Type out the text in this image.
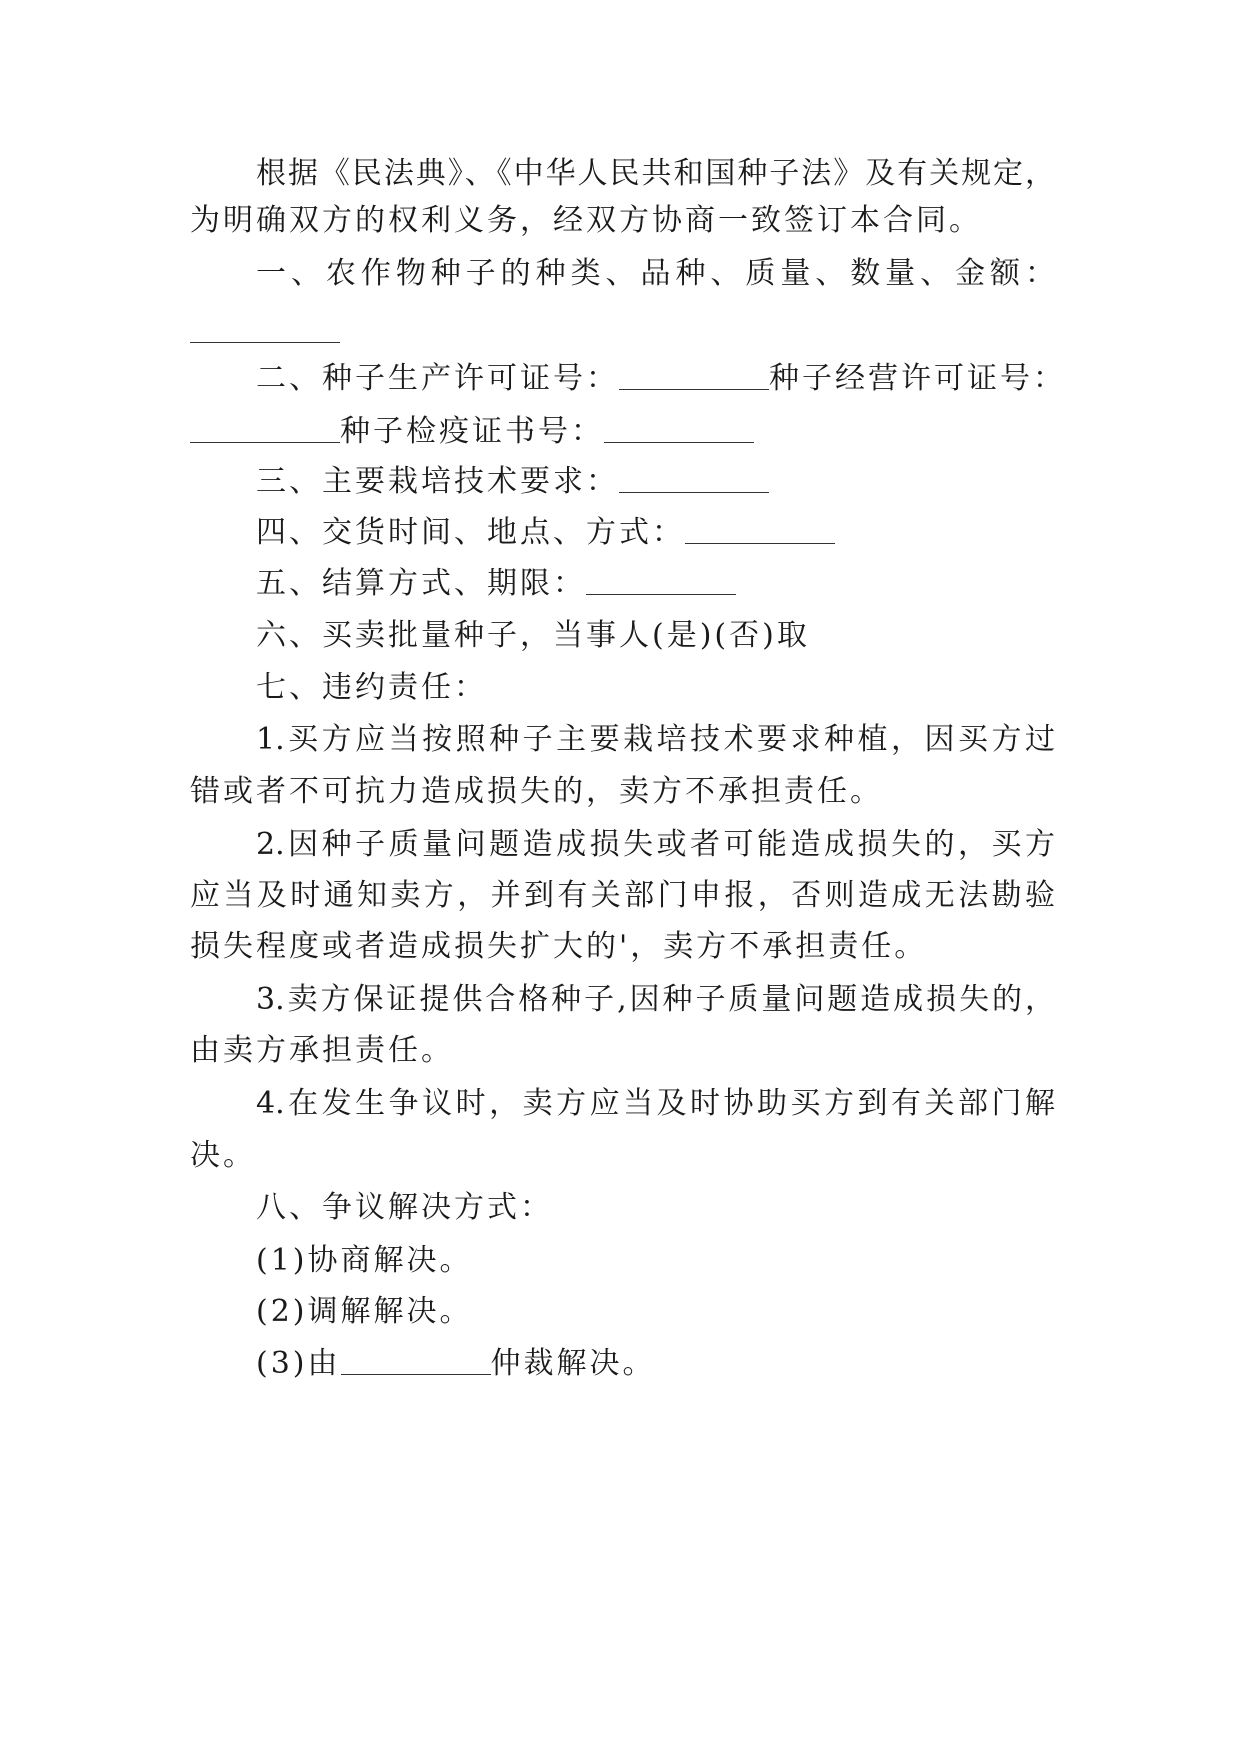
根据《民法典》、《中华人民共和国种子法》及有关规定，
为明确双方的权利义务，经双方协商一致签订本合同。
一、农作物种子的种类、品种、质量、数量、金额：
二、种子生产许可证号：	种子经营许可证号：
种子检疫证书号：
三、主要栽培技术要求：
四、交货时间、地点、方式：
五、结算方式、期限：
六、买卖批量种子，当事人(是)(否)取
七、违约责任：
1.买方应当按照种子主要栽培技术要求种植，因买方过
错或者不可抗力造成损失的，卖方不承担责任。
2.因种子质量问题造成损失或者可能造成损失的，买方
应当及时通知卖方，并到有关部门申报，否则造成无法勘验
损失程度或者造成损失扩大的'，卖方不承担责任。
3.卖方保证提供合格种子,因种子质量问题造成损失的，
由卖方承担责任。
4.在发生争议时，卖方应当及时协助买方到有关部门解
决。
八、争议解决方式：
(1)协商解决。
(2)调解解决。
(3)由	仲裁解决。
